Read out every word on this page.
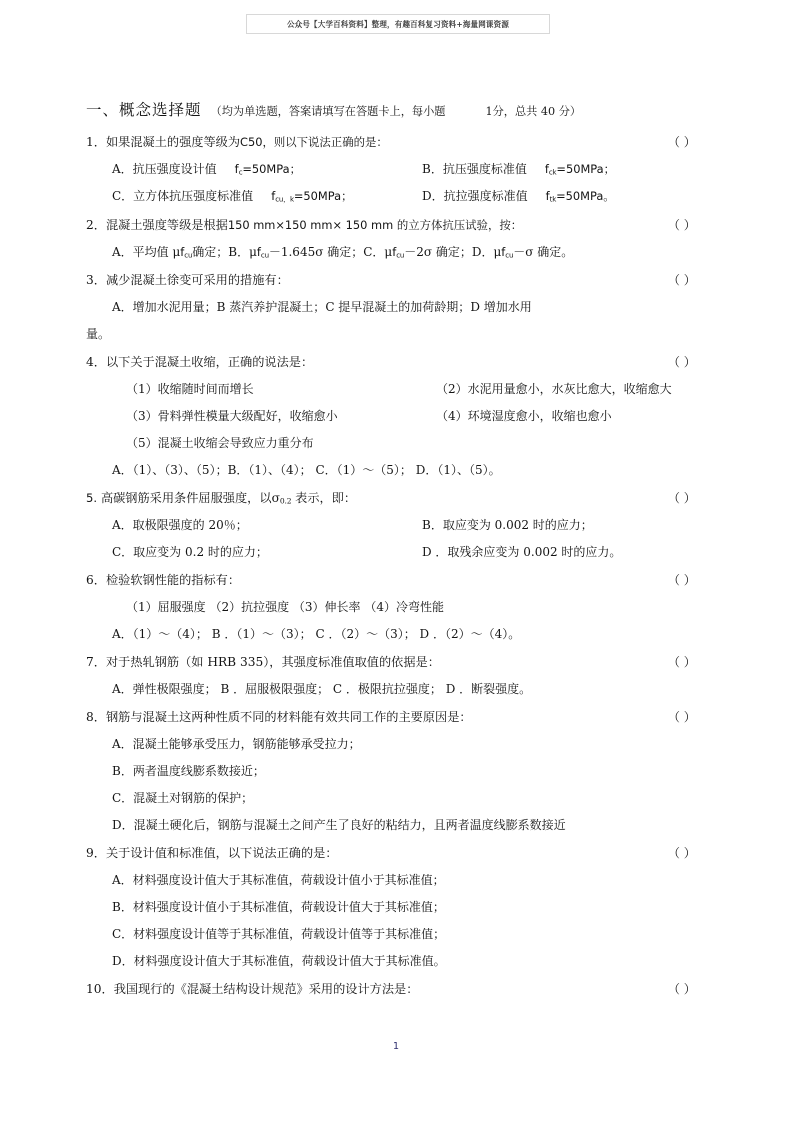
公众号【大学百科资料】整理，有趣百科复习资料+海量网课资源
一、 概念选择题 （均为单选题，答案请填写在答题卡上，每小题	1分，总共 40 分）
1．如果混凝土的强度等级为C50，则以下说法正确的是：	（ ）
A．抗压强度设计值 $f_c=50MPa$；	B．抗压强度标准值 $f_{ck}=50MPa$；
C．立方体抗压强度标准值 $f_{cu,k}=50MPa$；	D．抗拉强度标准值 $f_{tk}=50MPa$。
2．混凝土强度等级是根据150 mm×150 mm× 150 mm 的立方体抗压试验，按：	（ ）
A．平均值 $\mu f_{cu}$确定；B．$\mu f_{cu}-1.645\sigma$ 确定；C．$\mu f_{cu}-2\sigma$ 确定；D．$\mu f_{cu}-\sigma$ 确定。
3．减少混凝土徐变可采用的措施有：	（ ）
A．增加水泥用量；B 蒸汽养护混凝土；C 提早混凝土的加荷龄期；D 增加水用
量。
4．以下关于混凝土收缩，正确的说法是：	（ ）
（1）收缩随时间而增长	（2）水泥用量愈小，水灰比愈大，收缩愈大
（3）骨料弹性模量大级配好，收缩愈小	（4）环境湿度愈小，收缩也愈小
（5）混凝土收缩会导致应力重分布
A．（1）、（3）、（5）；B．（1）、（4）； C．（1）～（5）； D．（1）、（5）。
5. 高碳钢筋采用条件屈服强度，以$\sigma_{0.2}$ 表示，即：	（ ）
A．取极限强度的 20％；	B．取应变为 0.002 时的应力；
C．取应变为 0.2 时的应力；	D ．取残余应变为 0.002 时的应力。
6．检验软钢性能的指标有：	（ ）
（1）屈服强度 （2）抗拉强度 （3）伸长率 （4）冷弯性能
A．（1）～（4）； B ．（1）～（3）； C ．（2）～（3）； D ．（2）～（4）。
7．对于热轧钢筋（如 HRB 335），其强度标准值取值的依据是：	（ ）
A．弹性极限强度； B ．屈服极限强度； C ．极限抗拉强度； D ．断裂强度。
8．钢筋与混凝土这两种性质不同的材料能有效共同工作的主要原因是：	（ ）
A．混凝土能够承受压力，钢筋能够承受拉力；
B．两者温度线膨系数接近；
C．混凝土对钢筋的保护；
D．混凝土硬化后，钢筋与混凝土之间产生了良好的粘结力，且两者温度线膨系数接近
9．关于设计值和标准值，以下说法正确的是：	（ ）
A．材料强度设计值大于其标准值，荷载设计值小于其标准值；
B．材料强度设计值小于其标准值，荷载设计值大于其标准值；
C．材料强度设计值等于其标准值，荷载设计值等于其标准值；
D．材料强度设计值大于其标准值，荷载设计值大于其标准值。
10．我国现行的《混凝土结构设计规范》采用的设计方法是：	（ ）
1
